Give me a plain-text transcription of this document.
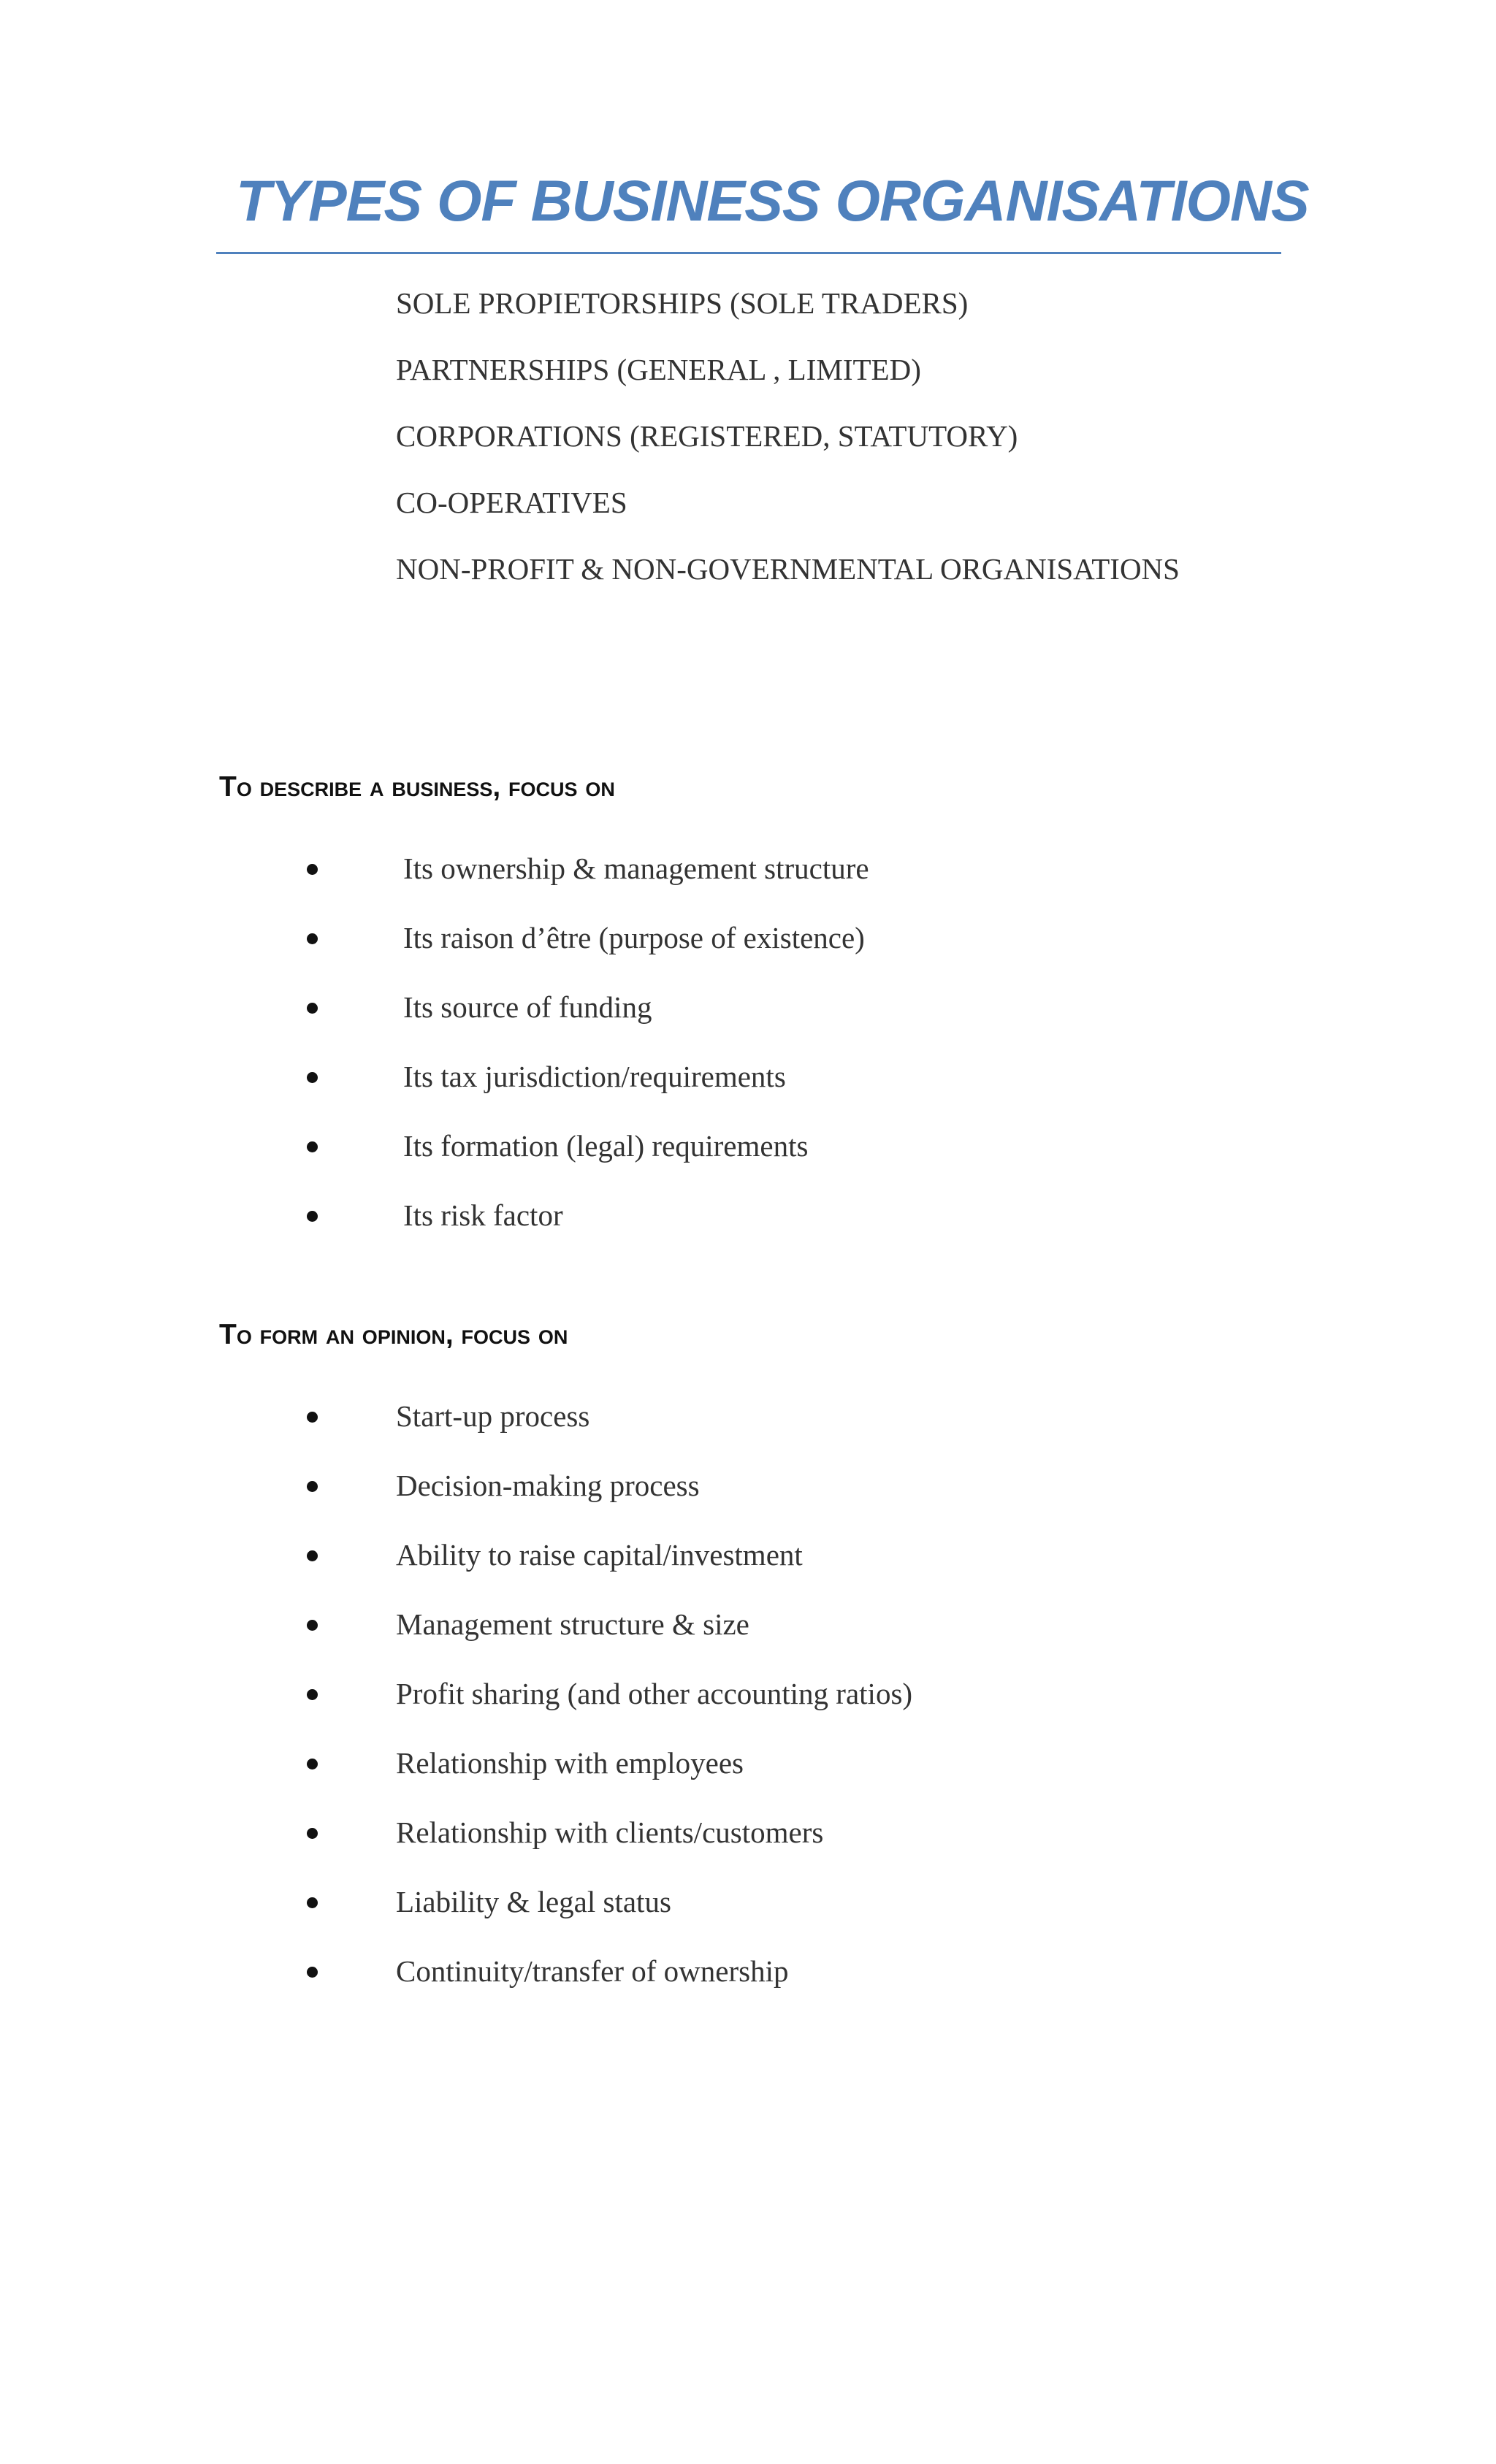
TYPES OF BUSINESS ORGANISATIONS
SOLE PROPIETORSHIPS (SOLE TRADERS)
PARTNERSHIPS (GENERAL , LIMITED)
CORPORATIONS (REGISTERED, STATUTORY)
CO-OPERATIVES
NON-PROFIT & NON-GOVERNMENTAL ORGANISATIONS
To describe a business, focus on
Its ownership & management structure
Its raison d’être (purpose of existence)
Its source of funding
Its tax jurisdiction/requirements
Its formation (legal) requirements
Its risk factor
To form an opinion, focus on
Start-up process
Decision-making process
Ability to raise capital/investment
Management structure & size
Profit sharing (and other accounting ratios)
Relationship with employees
Relationship with clients/customers
Liability & legal status
Continuity/transfer of ownership
